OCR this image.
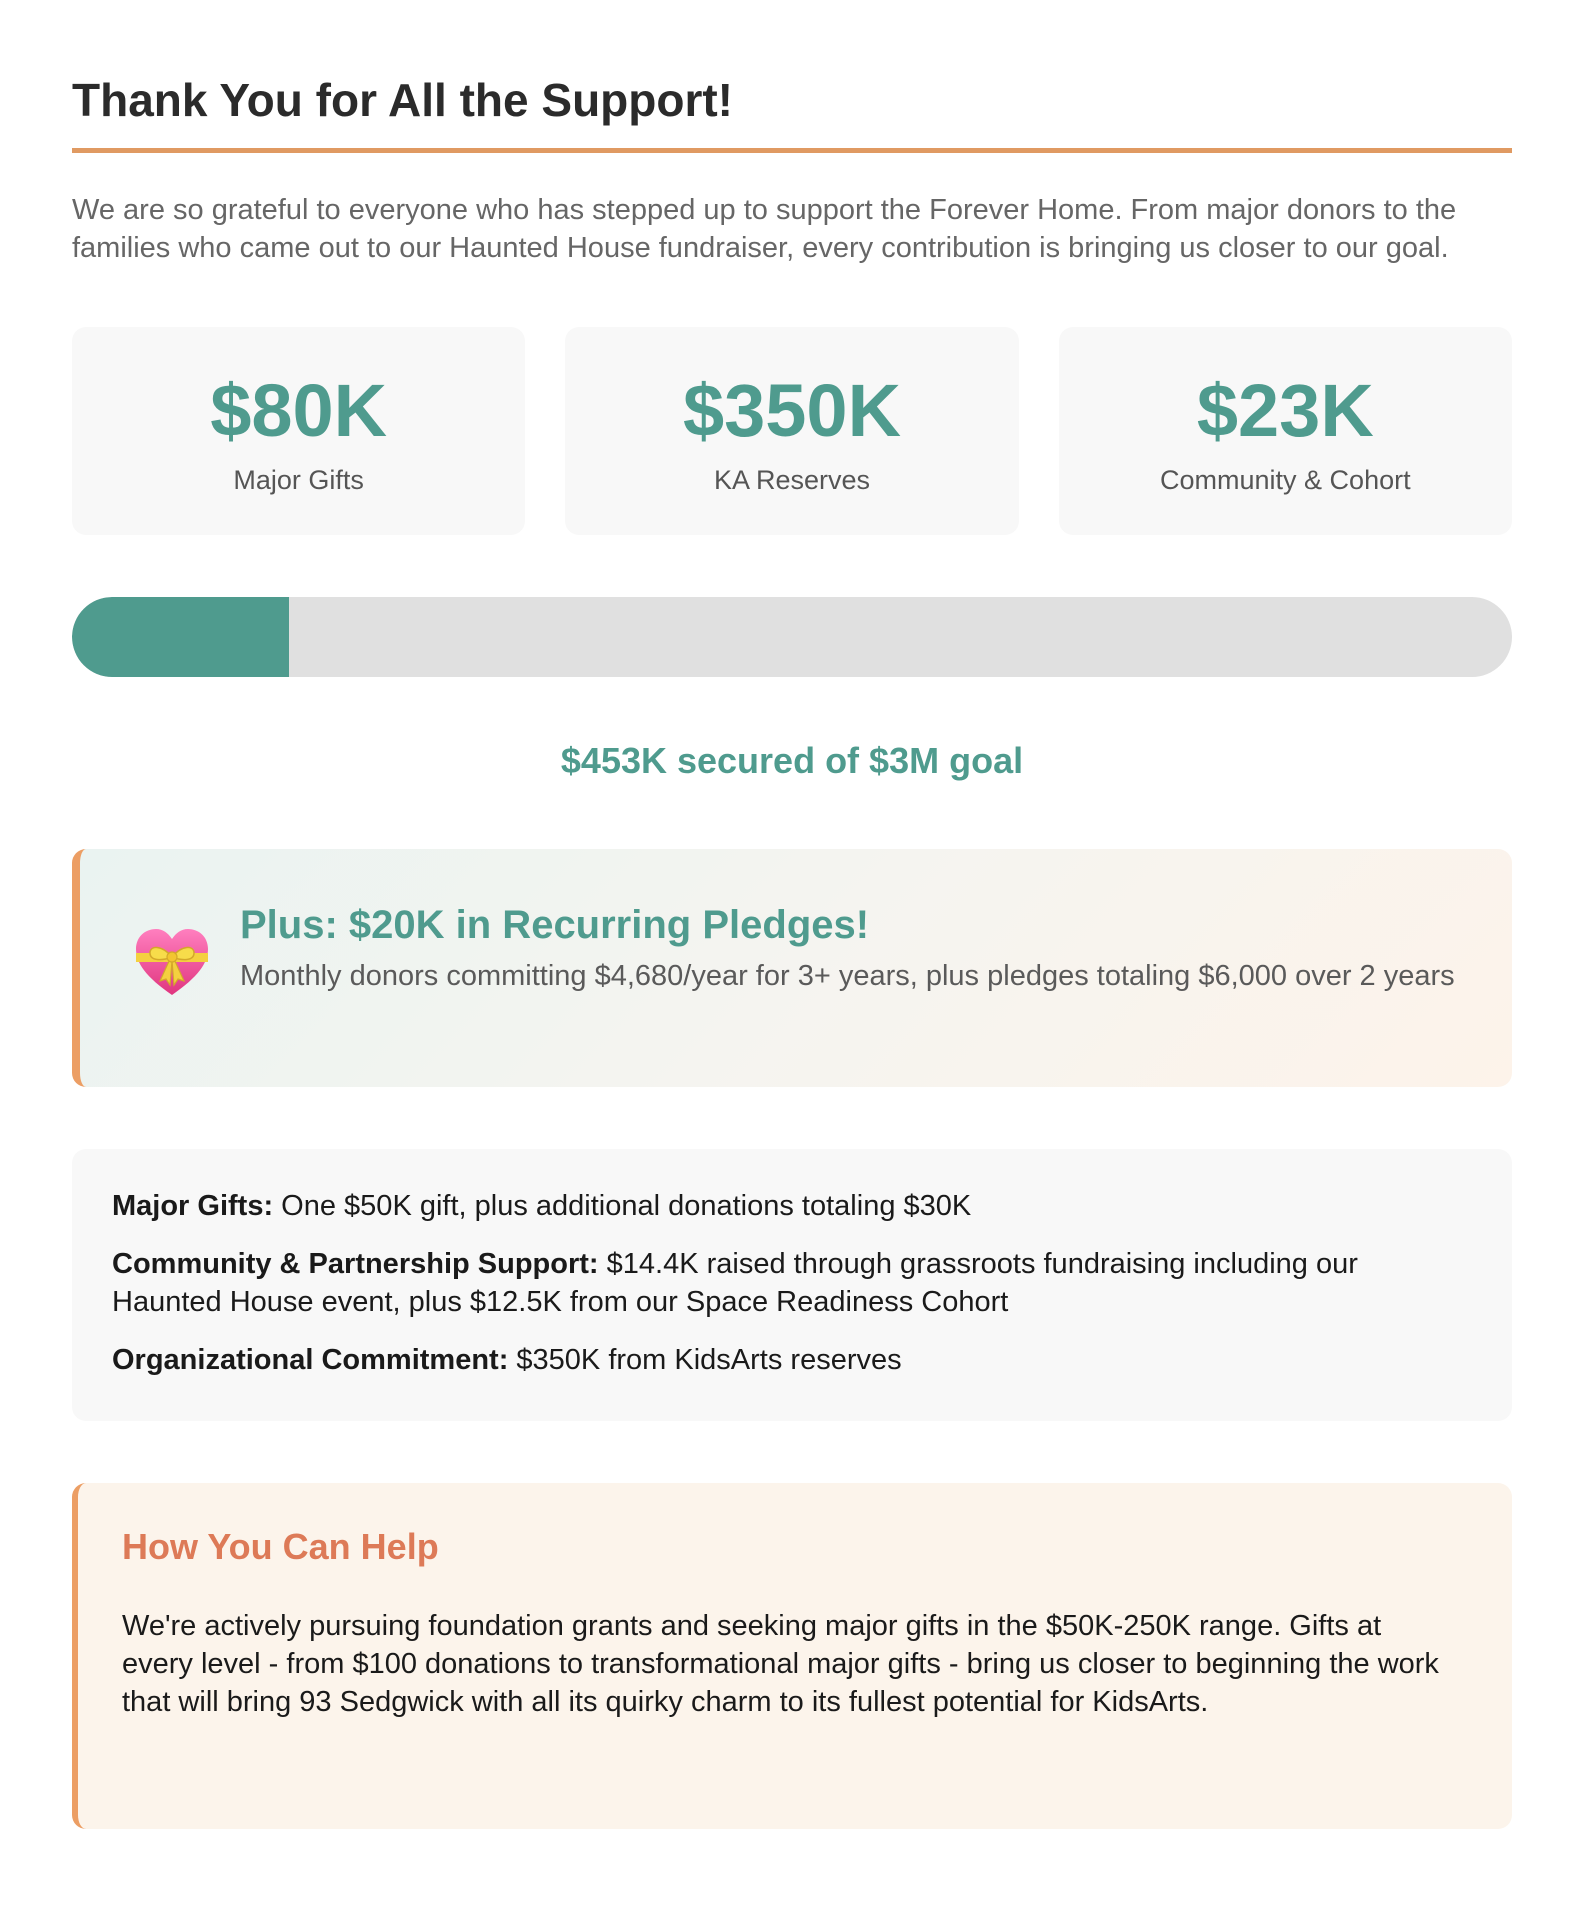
Thank You for All the Support!

We are so grateful to everyone who has stepped up to support the Forever Home. From major donors to the families who came out to our Haunted House fundraiser, every contribution is bringing us closer to our goal.

$80K
Major Gifts
$350K
KA Reserves
$23K
Community & Cohort
$453K secured of $3M goal
Plus: $20K in Recurring Pledges!
Monthly donors committing $4,680/year for 3+ years, plus pledges totaling $6,000 over 2 years
Major Gifts: One $50K gift, plus additional donations totaling $30K
Community & Partnership Support: $14.4K raised through grassroots fundraising including our Haunted House event, plus $12.5K from our Space Readiness Cohort
Organizational Commitment: $350K from KidsArts reserves
How You Can Help
We're actively pursuing foundation grants and seeking major gifts in the $50K-250K range. Gifts at every level - from $100 donations to transformational major gifts - bring us closer to beginning the work that will bring 93 Sedgwick with all its quirky charm to its fullest potential for KidsArts.
